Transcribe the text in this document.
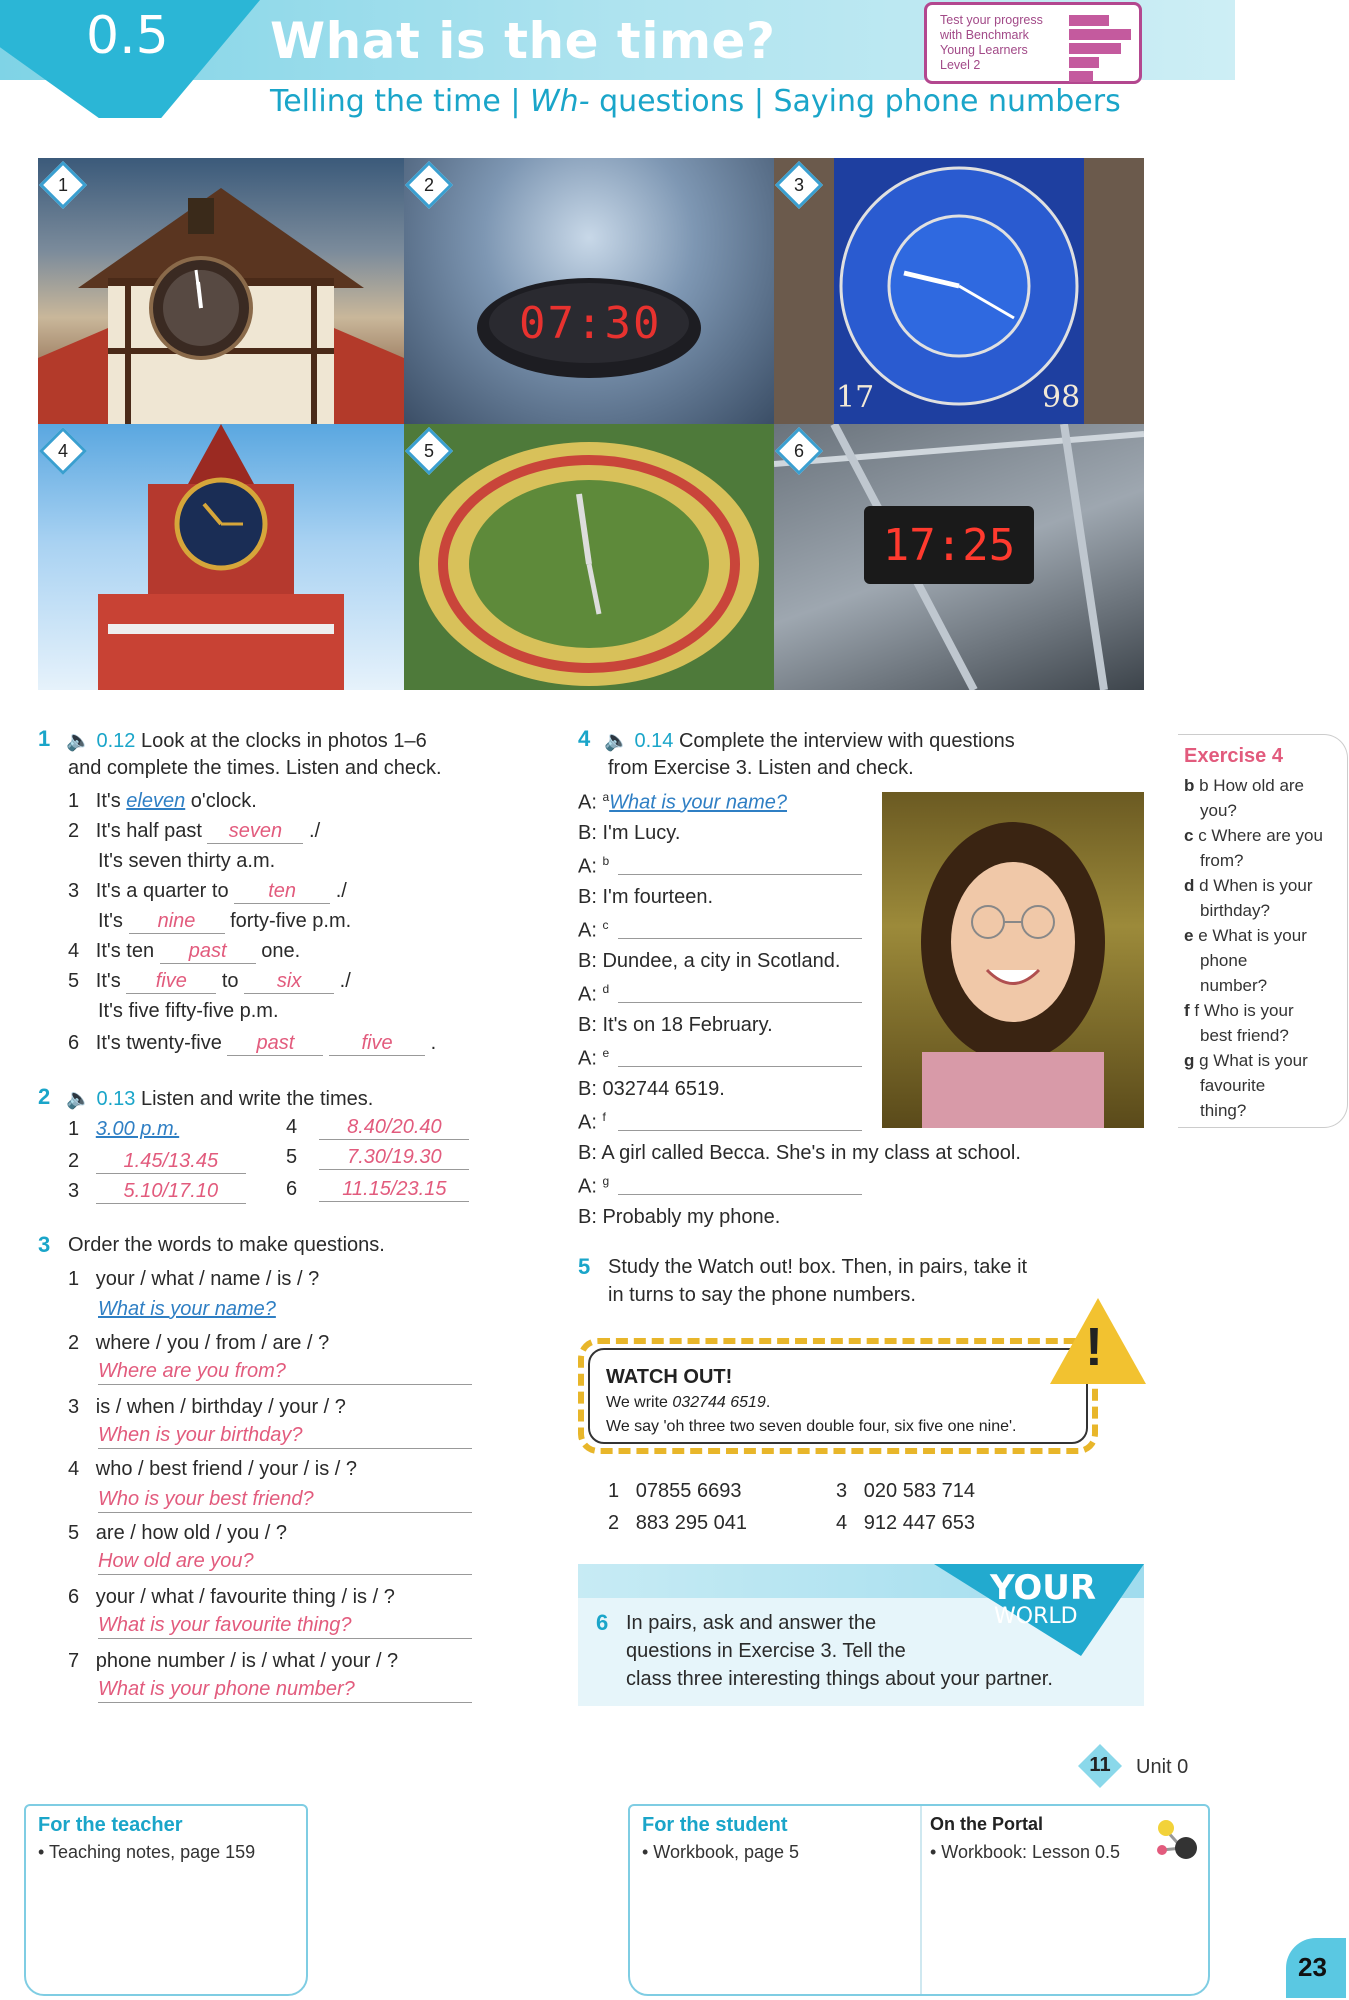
0.5 What is the time?
Telling the time | Wh- questions | Saying phone numbers
Test your progress
with Benchmark
Young Learners
Level 2
1	2
07:30
3
17	98
4	5	6
17:25
1 🔈 0.12 Look at the clocks in photos 1–6
and complete the times. Listen and check.
1   It's eleven o'clock.
2   It's half past seven ./
It's seven thirty a.m.
3   It's a quarter to ten ./
It's nine forty-five p.m.
4   It's ten past one.
5   It's five to six ./
It's five fifty-five p.m.
6   It's twenty-five past	five .
2 🔈 0.13 Listen and write the times.
1   3.00 p.m.
2   1.45/13.45
3   5.10/17.10
4    8.40/20.40
5    7.30/19.30
6    11.15/23.15
3 Order the words to make questions.
1   your / what / name / is / ?
What is your name?
2   where / you / from / are / ?
Where are you from?
3   is / when / birthday / your / ?
When is your birthday?
4   who / best friend / your / is / ?
Who is your best friend?
5   are / how old / you / ?
How old are you?
6   your / what / favourite thing / is / ?
What is your favourite thing?
7   phone number / is / what / your / ?
What is your phone number?
4 🔈 0.14 Complete the interview with questions
from Exercise 3. Listen and check.
A: $^a$What is your name?
B: I'm Lucy.
A: $^b$
B: I'm fourteen.
A: $^c$
B: Dundee, a city in Scotland.
A: $^d$
B: It's on 18 February.
A: $^e$
B: 032744 6519.
A: $^f$
B: A girl called Becca. She's in my class at school.
A: $^g$
B: Probably my phone.
Exercise 4
b b How old are
you?
c c Where are you
from?
d d When is your
birthday?
e e What is your
phone
number?
f f Who is your
best friend?
g g What is your
favourite
thing?
5 Study the Watch out! box. Then, in pairs, take it
in turns to say the phone numbers.
WATCH OUT!
We write 032744 6519.
We say 'oh three two seven double four, six five one nine'.
!
1 07855 6693
2 883 295 041
3 020 583 714
4 912 447 653
YOUR
WORLD
6 In pairs, ask and answer the
questions in Exercise 3. Tell the
class three interesting things about your partner.
11	Unit 0
For the teacher
• Teaching notes, page 159
For the student
• Workbook, page 5
On the Portal
• Workbook: Lesson 0.5
23
